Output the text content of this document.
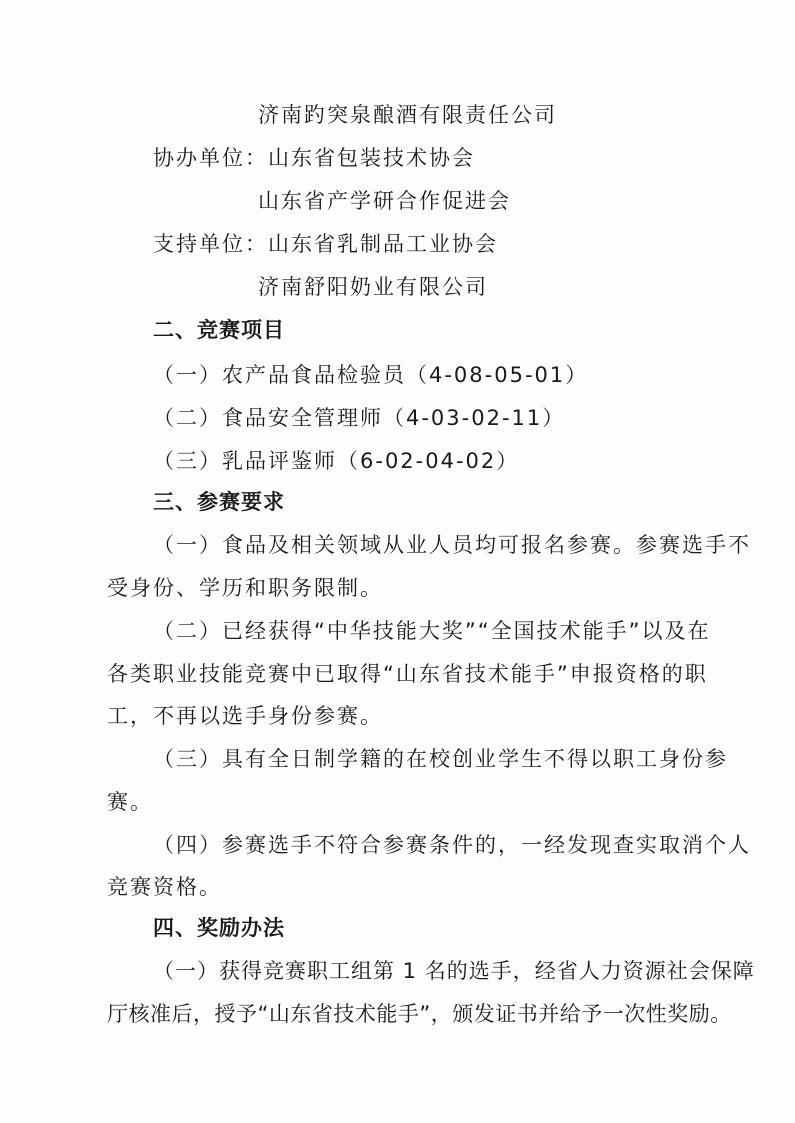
济南趵突泉酿酒有限责任公司
协办单位：山东省包装技术协会
山东省产学研合作促进会
支持单位：山东省乳制品工业协会
济南舒阳奶业有限公司
二、竞赛项目
（一）农产品食品检验员（4-08-05-01）
（二）食品安全管理师（4-03-02-11）
（三）乳品评鉴师（6-02-04-02）
三、参赛要求
（一）食品及相关领域从业人员均可报名参赛。参赛选手不
受身份、学历和职务限制。
（二）已经获得“中华技能大奖”“全国技术能手”以及在
各类职业技能竞赛中已取得“山东省技术能手”申报资格的职
工，不再以选手身份参赛。
（三）具有全日制学籍的在校创业学生不得以职工身份参
赛。
（四）参赛选手不符合参赛条件的，一经发现查实取消个人
竞赛资格。
四、奖励办法
（一）获得竞赛职工组第 1 名的选手，经省人力资源社会保障
厅核准后，授予“山东省技术能手”，颁发证书并给予一次性奖励。
